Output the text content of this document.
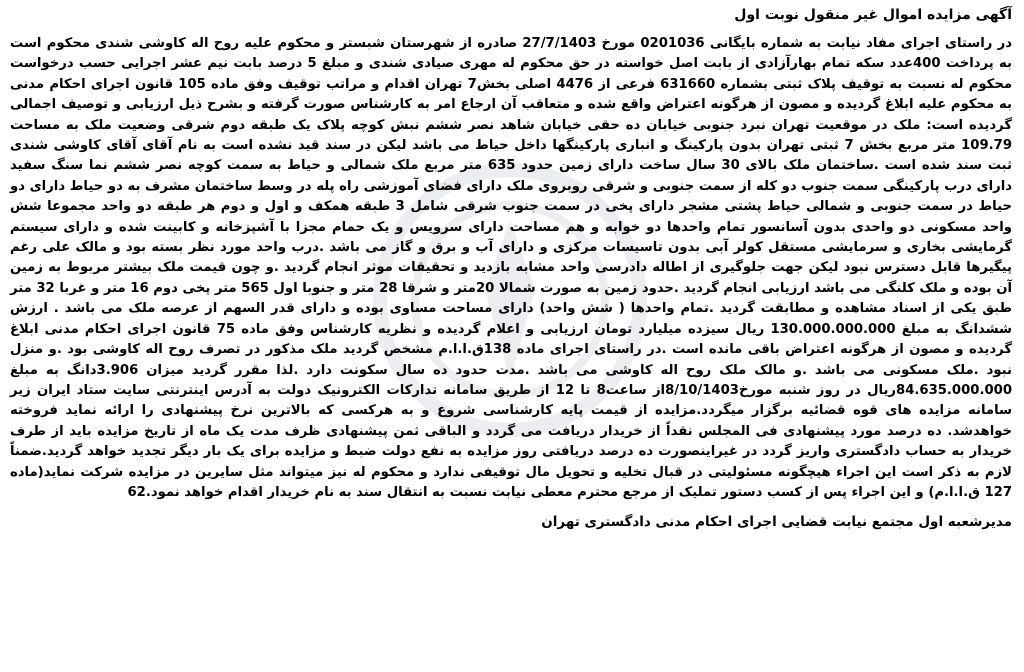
آگهی مزایده اموال غیر منقول نوبت اول

در راستای اجرای مفاد نیابت به شماره بایگانی 0201036 مورخ 27/7/1403 صادره از شهرستان شبستر و محکوم علیه روح اله کاوشی شندی محکوم است به پرداخت 400عدد سکه تمام بهارآزادی از بابت اصل خواسته در حق محکوم له مهری صیادی شندی و مبلغ 5 درصد بابت نیم عشر اجرایی حسب درخواست محکوم له نسبت به توقیف پلاک ثبتی بشماره 631660 فرعی از 4476 اصلی بخش7 تهران اقدام و مراتب توقیف وفق ماده 105 قانون اجرای احکام مدنی به محکوم علیه ابلاغ گردیده و مصون از هرگونه اعتراض واقع شده و متعاقب آن ارجاع امر به کارشناس صورت گرفته و بشرح ذیل ارزیابی و توصیف اجمالی گردیده است: ملک در موقعیت تهران نبرد جنوبی خیابان ده حقی خیابان شاهد نصر ششم نبش کوچه پلاک یک طبقه دوم شرقی وضعیت ملک به مساحت 109.79 متر مربع بخش 7 ثبتی تهران بدون پارکینگ و انباری پارکینگها داخل حیاط می باشد لیکن در سند قید نشده است به نام آقای آقای کاوشی شندی ثبت سند شده است .ساختمان ملک بالای 30 سال ساخت دارای زمین حدود 635 متر مربع ملک شمالی و حیاط به سمت کوچه نصر ششم نما سنگ سفید دارای درب پارکینگی سمت جنوب دو کله از سمت جنوبی و شرقی روبروی ملک دارای فضای آموزشی راه پله در وسط ساختمان مشرف به دو حیاط دارای دو حیاط در سمت جنوبی و شمالی حیاط پشتی مشجر دارای پخی در سمت جنوب شرقی شامل 3 طبقه همکف و اول و دوم هر طبقه دو واحد مجموعا شش واحد مسکونی دو واحدی بدون آسانسور تمام واحدها دو خوابه و هم مساحت دارای سرویس و یک حمام مجزا با آشپزخانه و کابینت شده و دارای سیستم گرمایشی بخاری و سرمایشی مستقل کولر آبی بدون تاسیسات مرکزی و دارای آب و برق و گاز می باشد .درب واحد مورد نظر بسته بود و مالک علی رغم پیگیرها قابل دسترس نبود لیکن جهت جلوگیری از اطاله دادرسی واحد مشابه بازدید و تحقیقات موثر انجام گردید .و چون قیمت ملک بیشتر مربوط به زمین آن بوده و ملک کلنگی می باشد ارزیابی انجام گردید .حدود زمین به صورت شمالا 20متر و شرقا 28 متر و جنوبا اول 565 متر پخی دوم 16 متر و غربا 32 متر طبق یکی از اسناد مشاهده و مطابقت گردید .تمام واحدها ( شش واحد) دارای مساحت مساوی بوده و دارای قدر السهم از عرصه ملک می باشد . ارزش ششدانگ به مبلغ 130.000.000.000 ریال سیزده میلیارد تومان ارزیابی و اعلام گردیده و نظریه کارشناس وفق ماده 75 قانون اجرای احکام مدنی ابلاغ گردیده و مصون از هرگونه اعتراض باقی مانده است .در راستای اجرای ماده 138ق.ا.ا.م مشخص گردید ملک مذکور در تصرف روح اله کاوشی بود .و منزل نبود .ملک مسکونی می باشد .و مالک ملک روح اله کاوشی می باشد .مدت حدود ده سال سکونت دارد .لذا مقرر گردید میزان 3.906دانگ به مبلغ 84.635.000.000ریال در روز شنبه مورخ8/10/1403از ساعت8 تا 12 از طریق سامانه تدارکات الکترونیک دولت به آدرس اینترنتی سایت ستاد ایران زیر سامانه مزایده های قوه قضائیه برگزار میگردد.مزایده از قیمت پایه کارشناسی شروع و به هرکسی که بالاترین نرخ پیشنهادی را ارائه نماید فروخته خواهدشد. ده درصد مورد پیشنهادی فی المجلس نقداً از خریدار دریافت می گردد و الباقی ثمن پیشنهادی ظرف مدت یک ماه از تاریخ مزایده باید از طرف خریدار به حساب دادگستری واریز گردد در غیراینصورت ده درصد دریافتی روز مزایده به نفع دولت ضبط و مزایده برای یک بار دیگر تجدید خواهد گردید.ضمناً لازم به ذکر است این اجراء هیچگونه مسئولیتی در قبال تخلیه و تحویل مال توقیفی ندارد و محکوم له نیز میتواند مثل سایرین در مزایده شرکت نماید(ماده 127 ق.ا.ا.م) و این اجراء پس از کسب دستور تملیک از مرجع محترم معطی نیابت نسبت به انتقال سند به نام خریدار اقدام خواهد نمود.62

مدیرشعبه اول مجتمع نیابت قضایی اجرای احکام مدنی دادگستری تهران
